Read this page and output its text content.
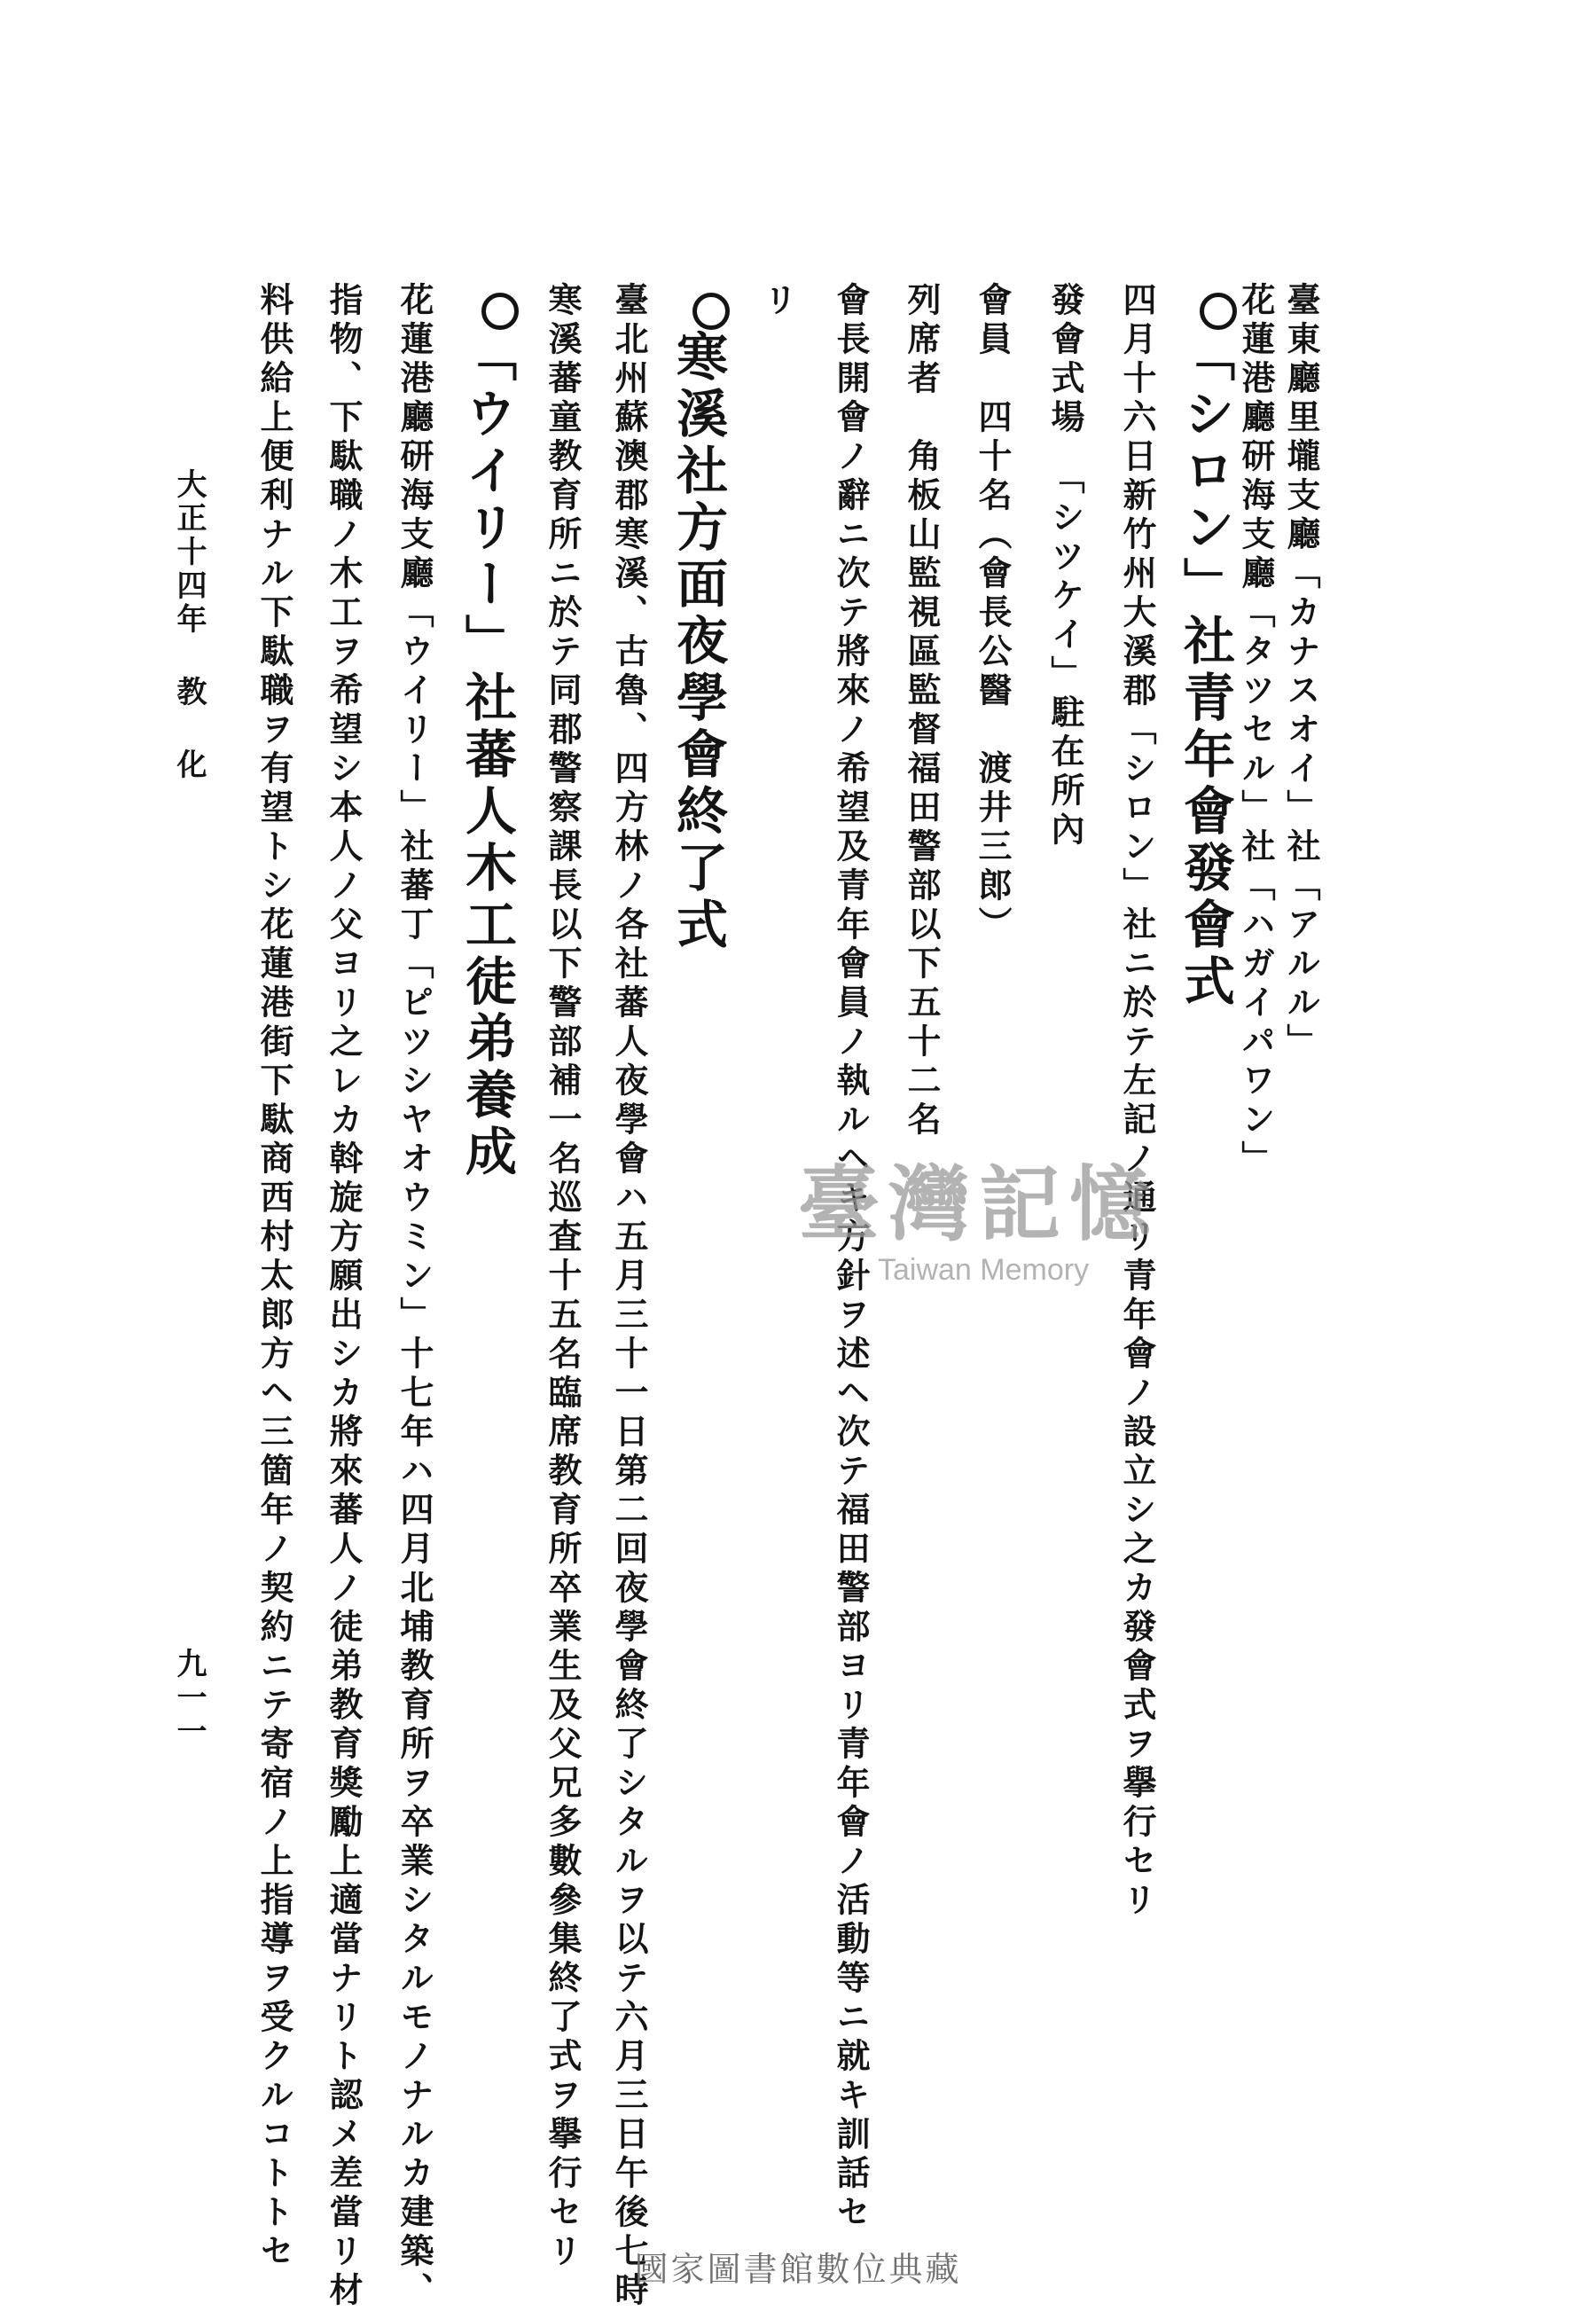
臺東廳里壠支廳「カナスオイ」社「アルル」
花蓮港廳研海支廳「タツセル」社「ハガイパワン」
「シロン」社青年會發會式
四月十六日新竹州大溪郡「シロン」社ニ於テ左記ノ通リ青年會ノ設立シ之カ發會式ヲ擧行セリ
發會式場　「シツケイ」駐在所內
會員　四十名（會長公醫　渡井三郎）
列席者　角板山監視區監督福田警部以下五十二名
會長開會ノ辭ニ次テ將來ノ希望及青年會員ノ執ルヘキ方針ヲ述ヘ次テ福田警部ヨリ青年會ノ活動等ニ就キ訓話セ
リ
寒溪社方面夜學會終了式
臺北州蘇澳郡寒溪、古魯、四方林ノ各社蕃人夜學會ハ五月三十一日第二回夜學會終了シタルヲ以テ六月三日午後七時
寒溪蕃童教育所ニ於テ同郡警察課長以下警部補一名巡査十五名臨席教育所卒業生及父兄多數參集終了式ヲ擧行セリ
「ウイリー」社蕃人木工徒弟養成
花蓮港廳研海支廳「ウイリー」社蕃丁「ピツシヤオウミン」十七年ハ四月北埔教育所ヲ卒業シタルモノナルカ建築、
指物、下駄職ノ木工ヲ希望シ本人ノ父ヨリ之レカ斡旋方願出シカ將來蕃人ノ徒弟教育獎勵上適當ナリト認メ差當リ材
料供給上便利ナル下駄職ヲ有望トシ花蓮港街下駄商西村太郎方ヘ三箇年ノ契約ニテ寄宿ノ上指導ヲ受クルコトトセ
大正十四年 教 化
九一一
臺灣記憶
Taiwan Memory
國家圖書館數位典藏
